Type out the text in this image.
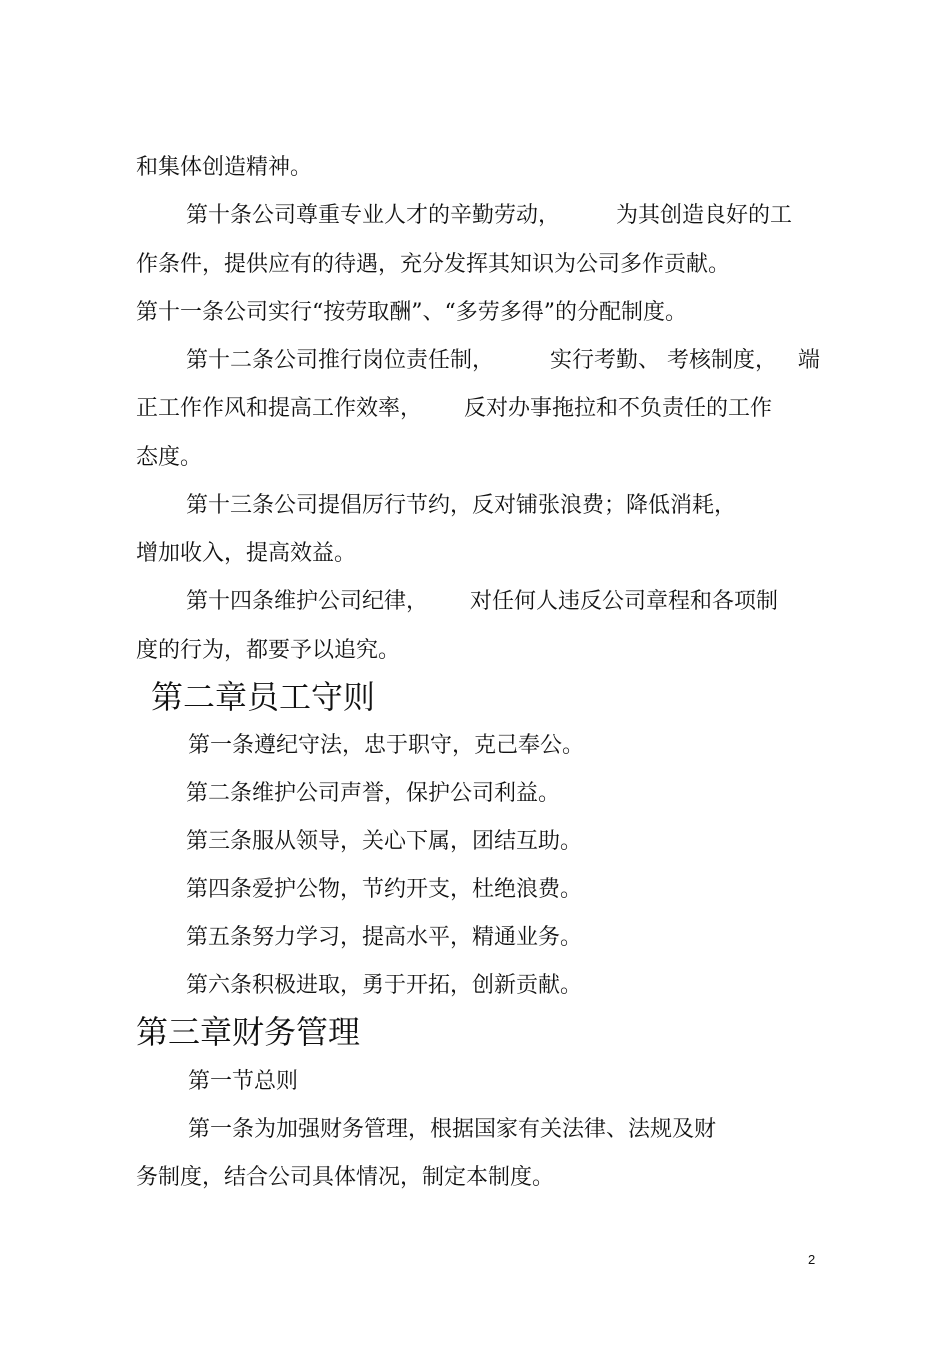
和集体创造精神。
第十条公司尊重专业人才的辛勤劳动，        为其创造良好的工
作条件，提供应有的待遇，充分发挥其知识为公司多作贡献。
第十一条公司实行“按劳取酬”、“多劳多得”的分配制度。
第十二条公司推行岗位责任制，        实行考勤、 考核制度，   端
正工作作风和提高工作效率，      反对办事拖拉和不负责任的工作
态度。
第十三条公司提倡厉行节约，反对铺张浪费；降低消耗，
增加收入，提高效益。
第十四条维护公司纪律，      对任何人违反公司章程和各项制
度的行为，都要予以追究。
第二章员工守则
第一条遵纪守法，忠于职守，克己奉公。
第二条维护公司声誉，保护公司利益。
第三条服从领导，关心下属，团结互助。
第四条爱护公物，节约开支，杜绝浪费。
第五条努力学习，提高水平，精通业务。
第六条积极进取，勇于开拓，创新贡献。
第三章财务管理
第一节总则
第一条为加强财务管理，根据国家有关法律、法规及财
务制度，结合公司具体情况，制定本制度。
2
